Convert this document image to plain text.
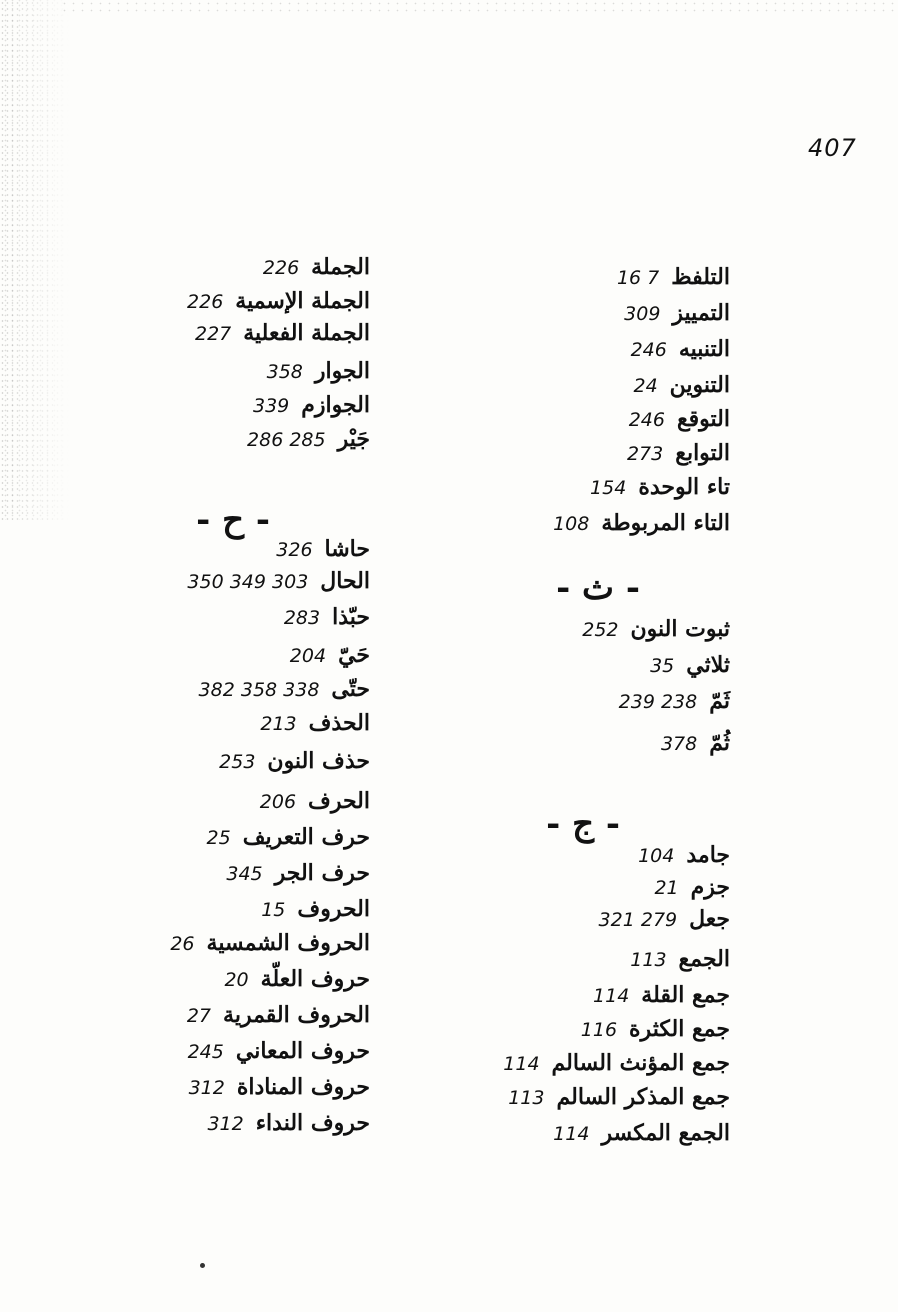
407
التلفظ16 7
التمييز309
التنبيه246
التنوين24
التوقع246
التوابع273
تاء الوحدة154
التاء المربوطة108
- ث -
ثبوت النون252
ثلاثي35
ثَمّ239 238
ثُمّ378
- ج -
جامد104
جزم21
جعل321 279
الجمع113
جمع القلة114
جمع الكثرة116
جمع المؤنث السالم114
جمع المذكر السالم113
الجمع المكسر114
الجملة226
الجملة الإسمية226
الجملة الفعلية227
الجوار358
الجوازم339
جَيْر286 285
- ح -
حاشا326
الحال350 349 303
حبّذا283
حَيّ204
حتّى382 358 338
الحذف213
حذف النون253
الحرف206
حرف التعريف25
حرف الجر345
الحروف15
الحروف الشمسية26
حروف العلّة20
الحروف القمرية27
حروف المعاني245
حروف المناداة312
حروف النداء312
